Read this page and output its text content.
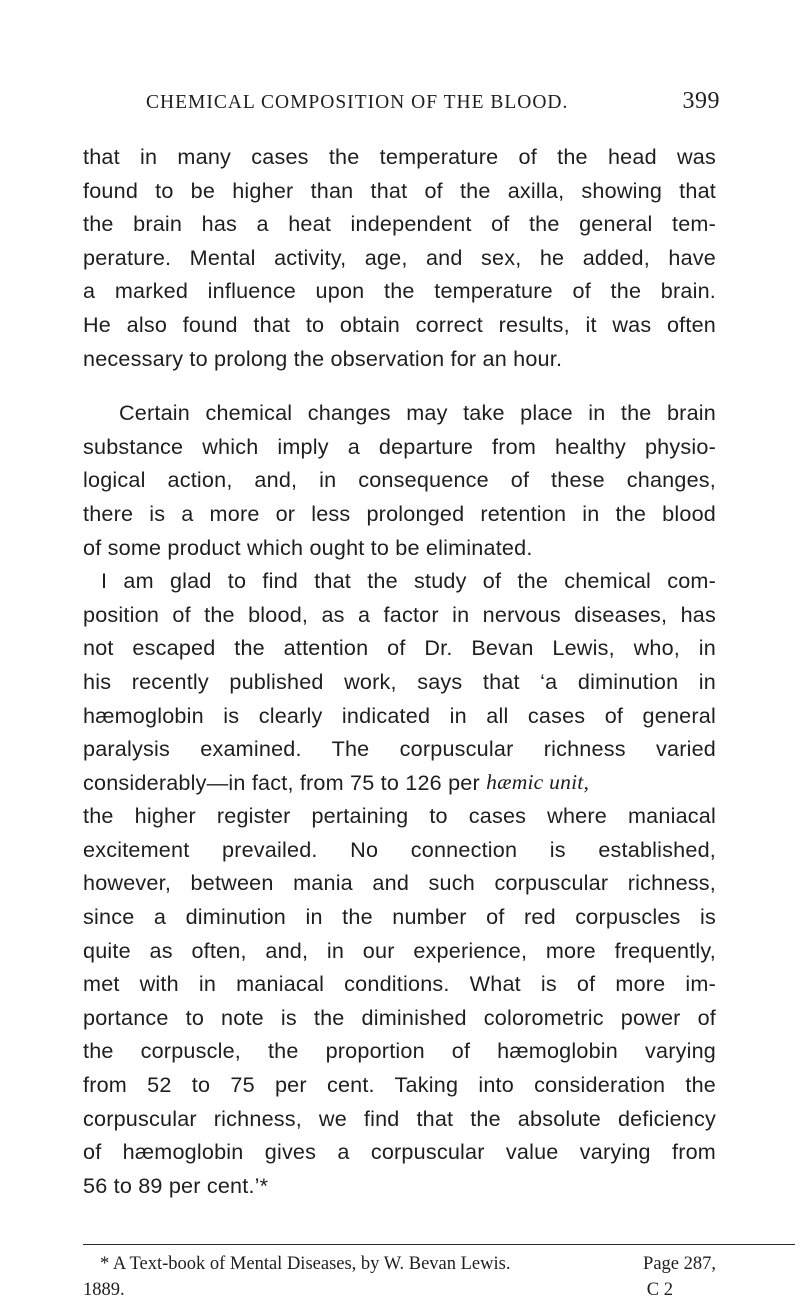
CHEMICAL COMPOSITION OF THE BLOOD.	399
that in many cases the temperature of the head was
found to be higher than that of the axilla, showing that
the brain has a heat independent of the general tem-
perature. Mental activity, age, and sex, he added, have
a marked influence upon the temperature of the brain.
He also found that to obtain correct results, it was often
necessary to prolong the observation for an hour.
Certain chemical changes may take place in the brain
substance which imply a departure from healthy physio-
logical action, and, in consequence of these changes,
there is a more or less prolonged retention in the blood
of some product which ought to be eliminated.
I am glad to find that the study of the chemical com-
position of the blood, as a factor in nervous diseases, has
not escaped the attention of Dr. Bevan Lewis, who, in
his recently published work, says that ‘a diminution in
hæmoglobin is clearly indicated in all cases of general
paralysis examined. The corpuscular richness varied
considerably—in fact, from 75 to 126 per hæmic unit,
the higher register pertaining to cases where maniacal
excitement prevailed. No connection is established,
however, between mania and such corpuscular richness,
since a diminution in the number of red corpuscles is
quite as often, and, in our experience, more frequently,
met with in maniacal conditions. What is of more im-
portance to note is the diminished colorometric power of
the corpuscle, the proportion of hæmoglobin varying
from 52 to 75 per cent. Taking into consideration the
corpuscular richness, we find that the absolute deficiency
of hæmoglobin gives a corpuscular value varying from
56 to 89 per cent.’*
* A Text-book of Mental Diseases, by W. Bevan Lewis.	Page 287,
1889.	C 2
